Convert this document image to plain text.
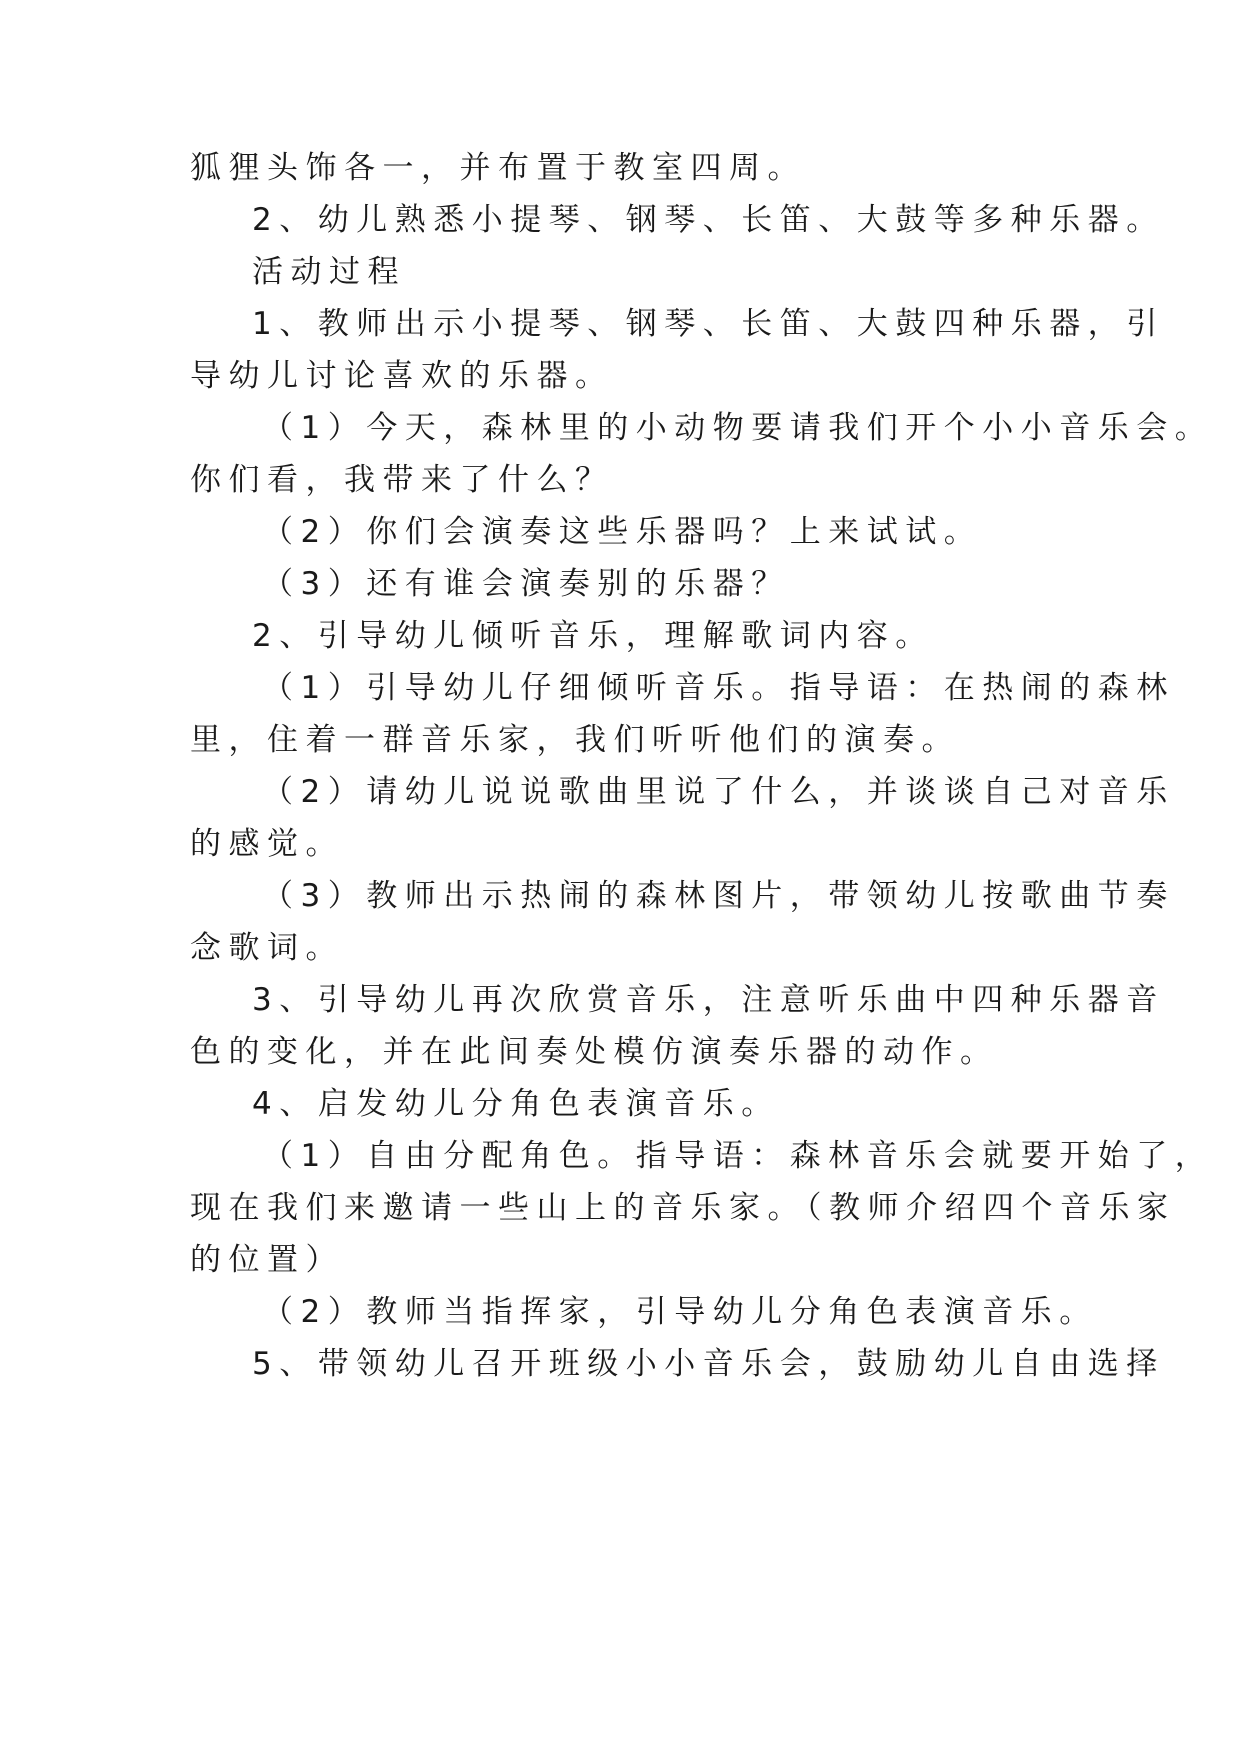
狐狸头饰各一，并布置于教室四周。
2、幼儿熟悉小提琴、钢琴、长笛、大鼓等多种乐器。
活动过程
1、教师出示小提琴、钢琴、长笛、大鼓四种乐器，引
导幼儿讨论喜欢的乐器。
（1）今天，森林里的小动物要请我们开个小小音乐会。
你们看，我带来了什么？
（2）你们会演奏这些乐器吗？上来试试。
（3）还有谁会演奏别的乐器？
2、引导幼儿倾听音乐，理解歌词内容。
（1）引导幼儿仔细倾听音乐。指导语：在热闹的森林
里，住着一群音乐家，我们听听他们的演奏。
（2）请幼儿说说歌曲里说了什么，并谈谈自己对音乐
的感觉。
（3）教师出示热闹的森林图片，带领幼儿按歌曲节奏
念歌词。
3、引导幼儿再次欣赏音乐，注意听乐曲中四种乐器音
色的变化，并在此间奏处模仿演奏乐器的动作。
4、启发幼儿分角色表演音乐。
（1）自由分配角色。指导语：森林音乐会就要开始了，
现在我们来邀请一些山上的音乐家。（教师介绍四个音乐家
的位置）
（2）教师当指挥家，引导幼儿分角色表演音乐。
5、带领幼儿召开班级小小音乐会，鼓励幼儿自由选择
